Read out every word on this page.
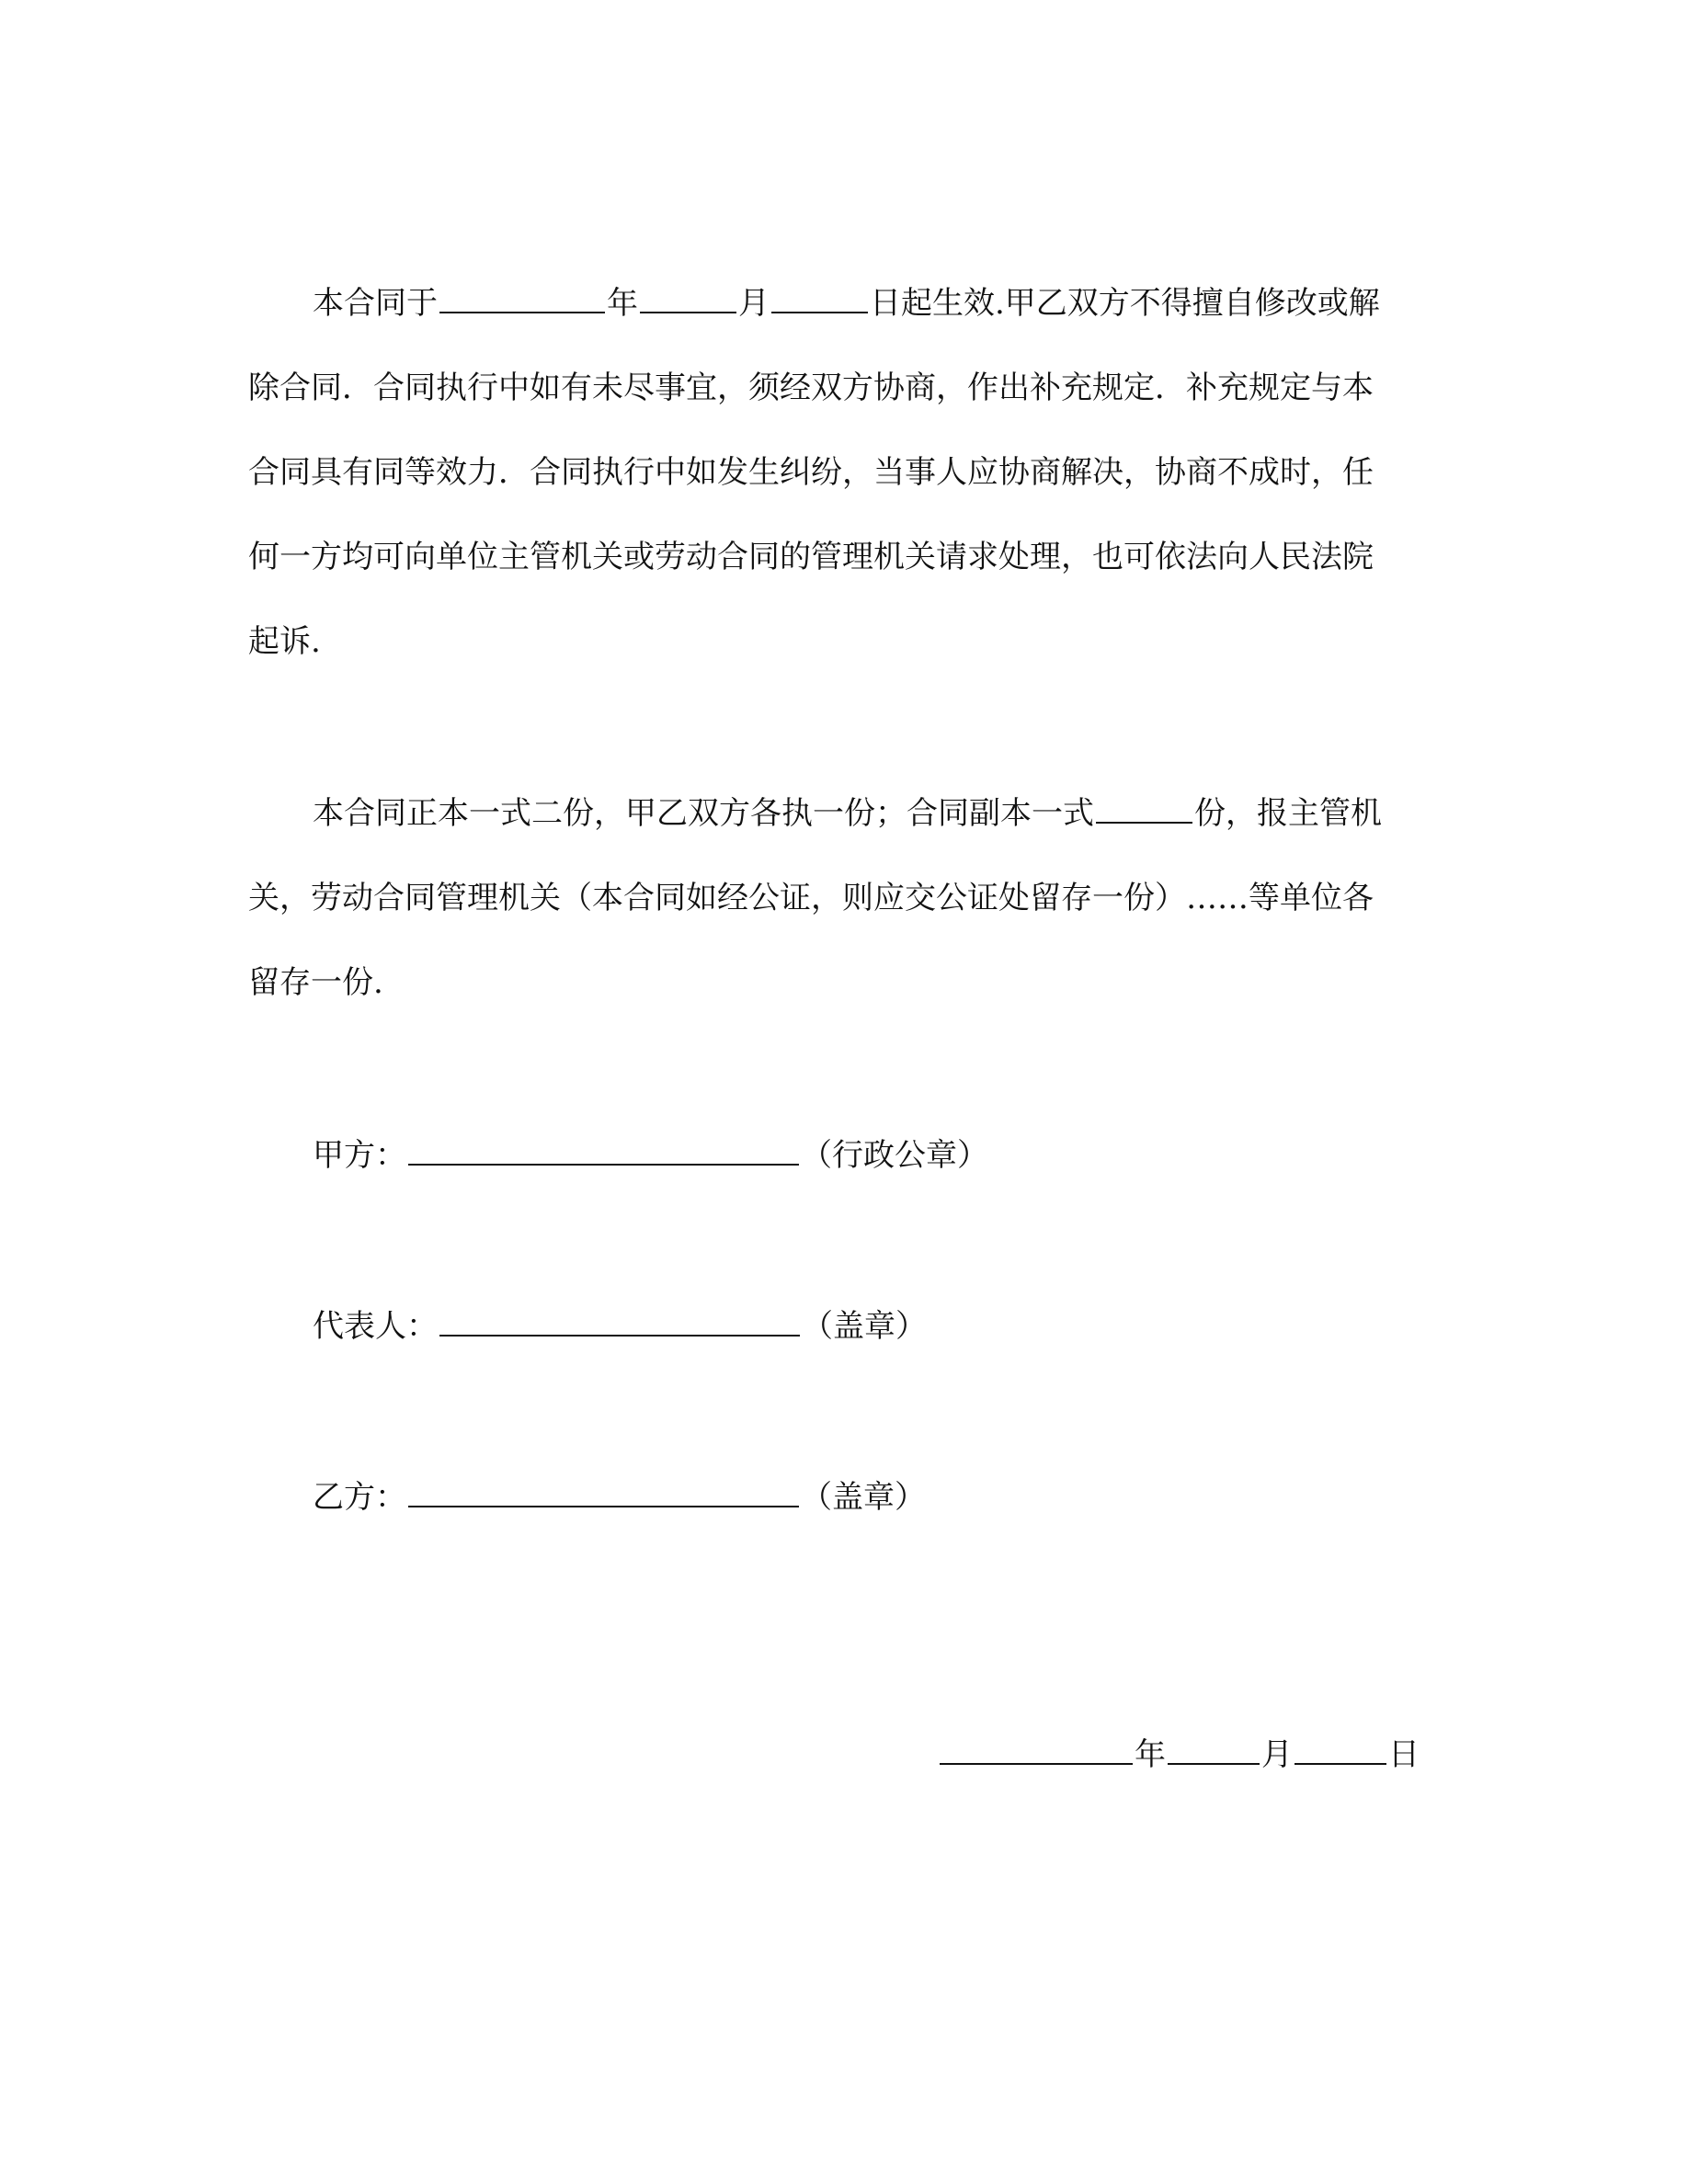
本合同于	年	月	日起生效.甲乙双方不得擅自修改或解
除合同．合同执行中如有未尽事宜，须经双方协商，作出补充规定．补充规定与本
合同具有同等效力．合同执行中如发生纠纷，当事人应协商解决，协商不成时，任
何一方均可向单位主管机关或劳动合同的管理机关请求处理，也可依法向人民法院
起诉.
本合同正本一式二份，甲乙双方各执一份；合同副本一式	份，报主管机
关，劳动合同管理机关（本合同如经公证，则应交公证处留存一份）……等单位各
留存一份.
甲方：	（行政公章）
代表人：	（盖章）
乙方：	（盖章）
年	月	日
